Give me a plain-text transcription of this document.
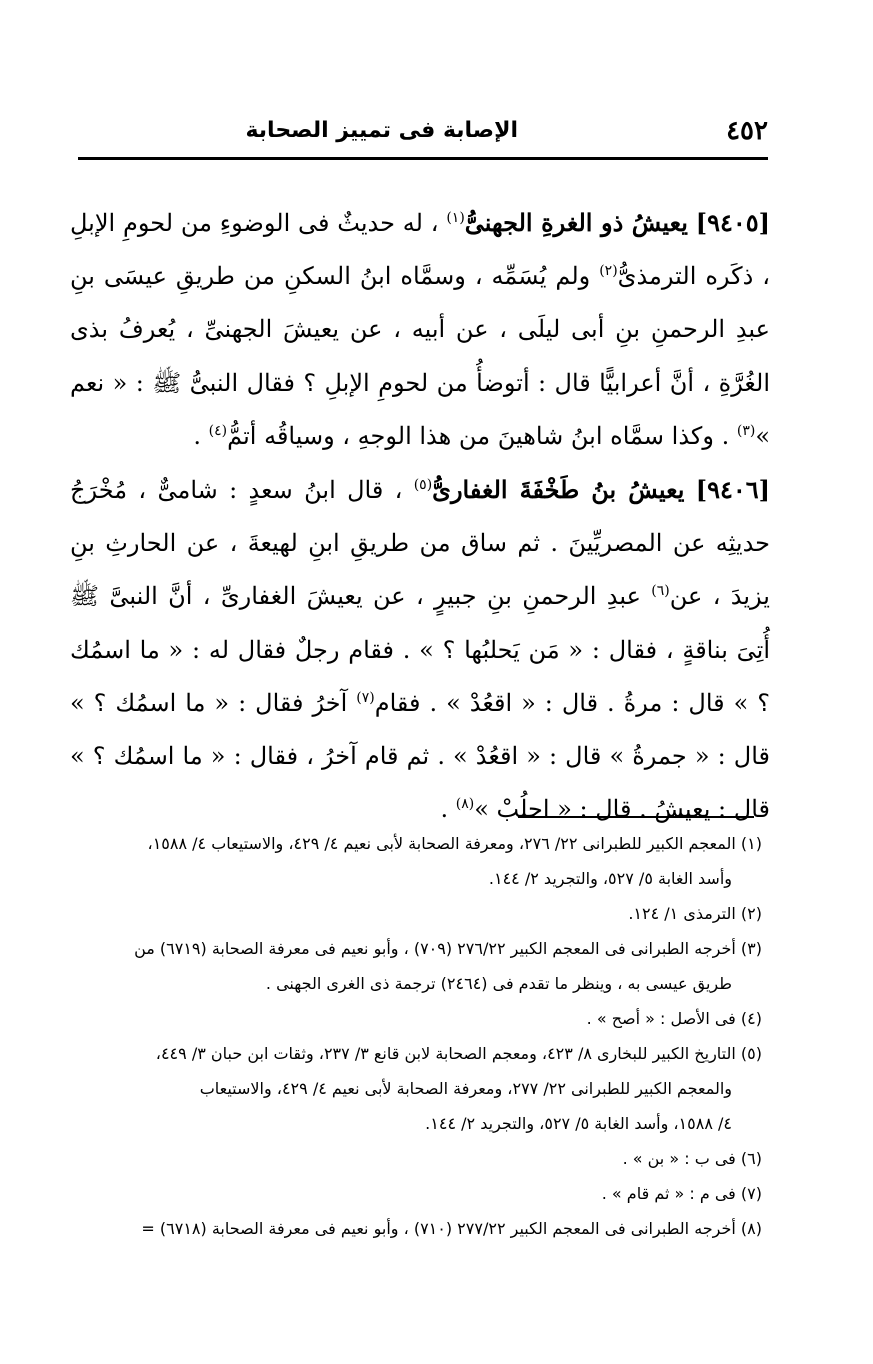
٤٥٢
الإصابة فى تمييز الصحابة

[٩٤٠٥] يعيشُ ذو الغرةِ الجهنىُّ$^{(١)}$ ، له حديثٌ فى الوضوءِ من لحومِ الإبلِ ، ذكَره الترمذىُّ$^{(٢)}$ ولم يُسَمِّه ، وسمَّاه ابنُ السكنِ من طريقِ عيسَى بنِ عبدِ الرحمنِ بنِ أبى ليلَى ، عن أبيه ، عن يعيشَ الجهنىِّ ، يُعرفُ بذى الغُرَّةِ ، أنَّ أعرابيًّا قال : أتوضأُ من لحومِ الإبلِ ؟ فقال النبىُّ ﷺ : « نعم »$^{(٣)}$ . وكذا سمَّاه ابنُ شاهينَ من هذا الوجهِ ، وسياقُه أتمُّ$^{(٤)}$ .

[٩٤٠٦] يعيشُ بنُ طَخْفَةَ الغفارىُّ$^{(٥)}$ ، قال ابنُ سعدٍ : شامىٌّ ، مُخْرَجُ حديثِه عن المصريِّينَ . ثم ساق من طريقِ ابنِ لهيعةَ ، عن الحارثِ بنِ يزيدَ ، عن$^{(٦)}$ عبدِ الرحمنِ بنِ جبيرٍ ، عن يعيشَ الغفارىِّ ، أنَّ النبىَّ ﷺ أُتِىَ بناقةٍ ، فقال : « مَن يَحلبُها ؟ » . فقام رجلٌ فقال له : « ما اسمُك ؟ » قال : مرةُ . قال : « اقعُدْ » . فقام$^{(٧)}$ آخرُ فقال : « ما اسمُك ؟ » قال : « جمرةُ » قال : « اقعُدْ » . ثم قام آخرُ ، فقال : « ما اسمُك ؟ » قال : يعيشُ . قال : « احلُبْ »$^{(٨)}$ .

(١) المعجم الكبير للطبرانى ٢٢/ ٢٧٦، ومعرفة الصحابة لأبى نعيم ٤/ ٤٢٩، والاستيعاب ٤/ ١٥٨٨،
وأسد الغابة ٥/ ٥٢٧، والتجريد ٢/ ١٤٤.

(٢) الترمذى ١/ ١٢٤.

(٣) أخرجه الطبرانى فى المعجم الكبير ٢٧٦/٢٢ (٧٠٩) ، وأبو نعيم فى معرفة الصحابة (٦٧١٩) من
طريق عيسى به ، وينظر ما تقدم فى (٢٤٦٤) ترجمة ذى الغرى الجهنى .

(٤) فى الأصل : « أصح » .

(٥) التاريخ الكبير للبخارى ٨/ ٤٢٣، ومعجم الصحابة لابن قانع ٣/ ٢٣٧، وثقات ابن حبان ٣/ ٤٤٩،
والمعجم الكبير للطبرانى ٢٢/ ٢٧٧، ومعرفة الصحابة لأبى نعيم ٤/ ٤٢٩، والاستيعاب
٤/ ١٥٨٨، وأسد الغابة ٥/ ٥٢٧، والتجريد ٢/ ١٤٤.

(٦) فى ب : « بن » .

(٧) فى م : « ثم قام » .

(٨) أخرجه الطبرانى فى المعجم الكبير ٢٧٧/٢٢ (٧١٠) ، وأبو نعيم فى معرفة الصحابة (٦٧١٨) =
